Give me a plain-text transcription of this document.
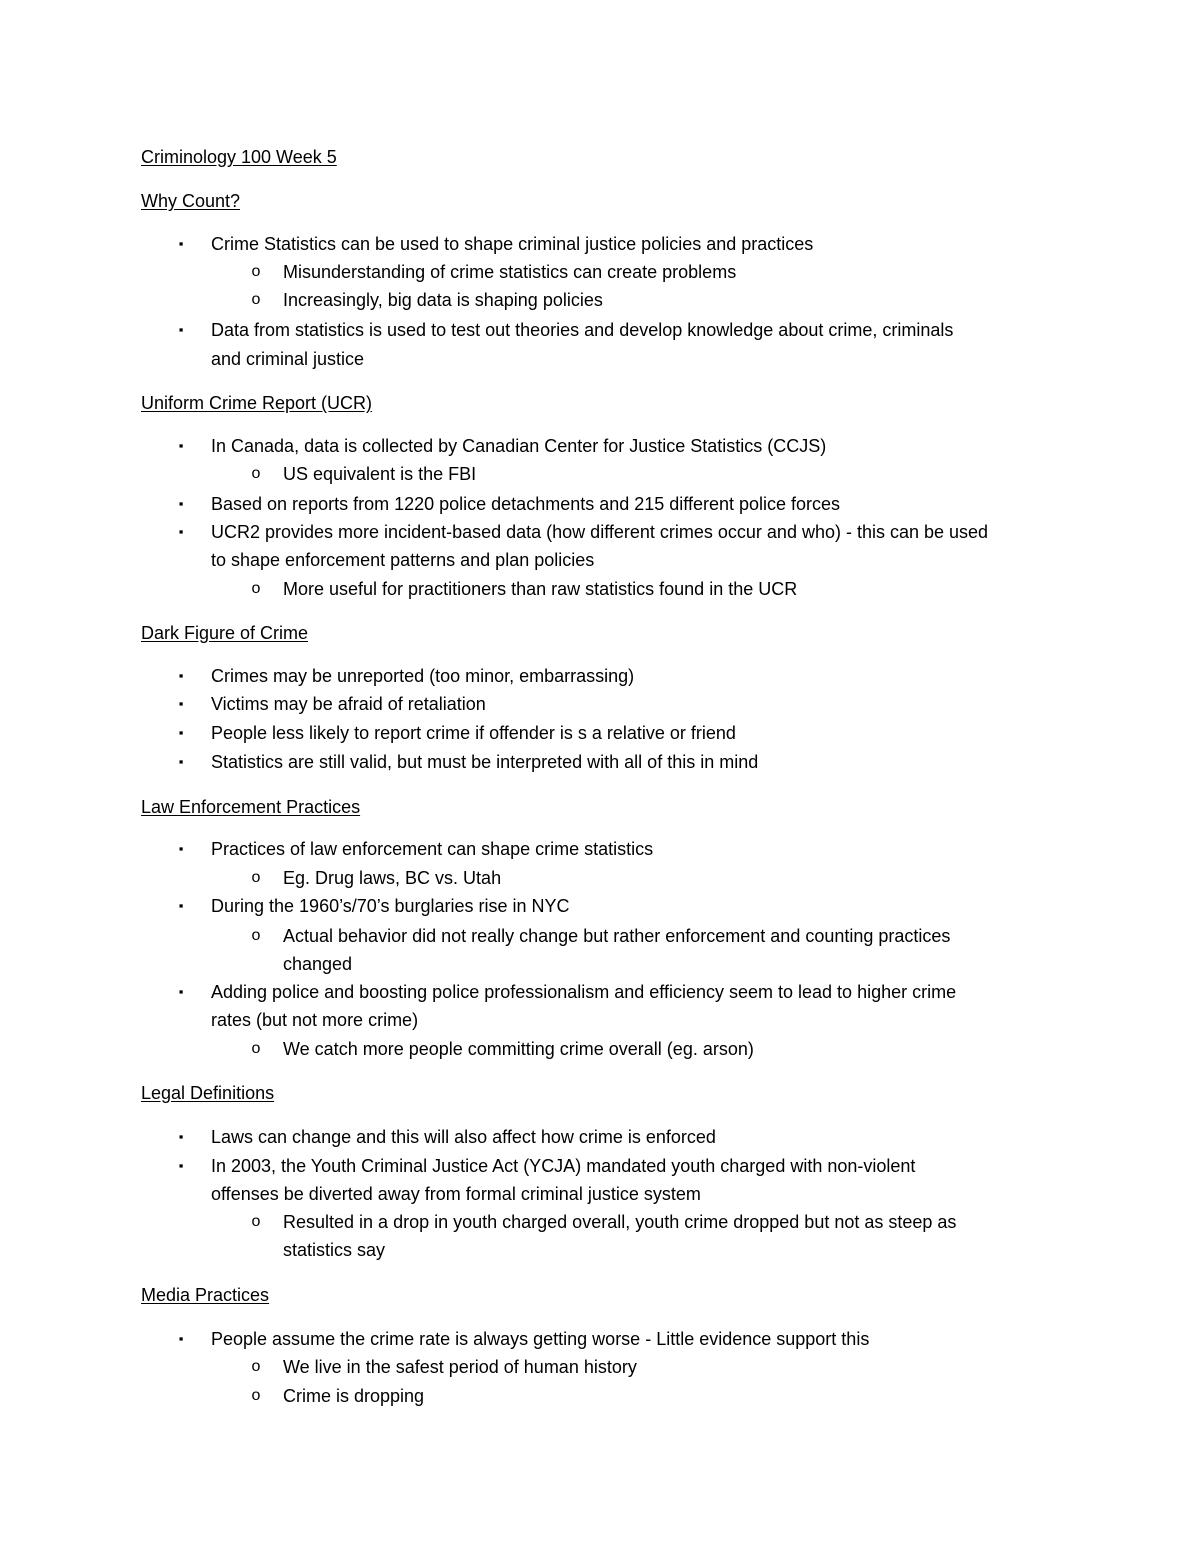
Criminology 100 Week 5
Why Count?
▪ Crime Statistics can be used to shape criminal justice policies and practices
o Misunderstanding of crime statistics can create problems
o Increasingly, big data is shaping policies
▪ Data from statistics is used to test out theories and develop knowledge about crime, criminals
and criminal justice
Uniform Crime Report (UCR)
▪ In Canada, data is collected by Canadian Center for Justice Statistics (CCJS)
o US equivalent is the FBI
▪ Based on reports from 1220 police detachments and 215 different police forces
▪ UCR2 provides more incident-based data (how different crimes occur and who) - this can be used
to shape enforcement patterns and plan policies
o More useful for practitioners than raw statistics found in the UCR
Dark Figure of Crime
▪ Crimes may be unreported (too minor, embarrassing)
▪ Victims may be afraid of retaliation
▪ People less likely to report crime if offender is s a relative or friend
▪ Statistics are still valid, but must be interpreted with all of this in mind
Law Enforcement Practices
▪ Practices of law enforcement can shape crime statistics
o Eg. Drug laws, BC vs. Utah
▪ During the 1960’s/70’s burglaries rise in NYC
o Actual behavior did not really change but rather enforcement and counting practices
changed
▪ Adding police and boosting police professionalism and efficiency seem to lead to higher crime
rates (but not more crime)
o We catch more people committing crime overall (eg. arson)
Legal Definitions
▪ Laws can change and this will also affect how crime is enforced
▪ In 2003, the Youth Criminal Justice Act (YCJA) mandated youth charged with non-violent
offenses be diverted away from formal criminal justice system
o Resulted in a drop in youth charged overall, youth crime dropped but not as steep as
statistics say
Media Practices
▪ People assume the crime rate is always getting worse - Little evidence support this
o We live in the safest period of human history
o Crime is dropping
